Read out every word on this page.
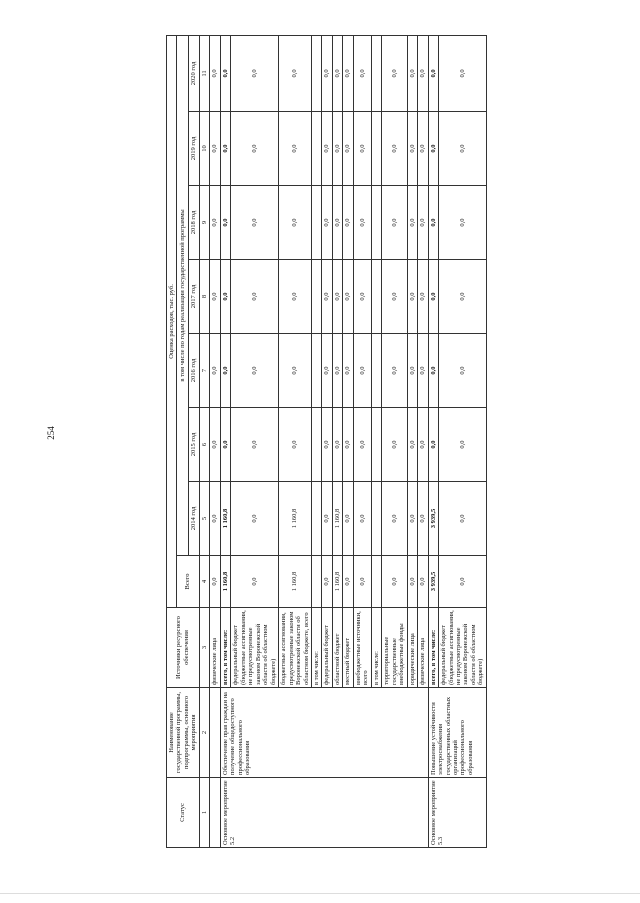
254
Статус	Наименование государственной программы, подпрограммы, основного мероприятия	Источники ресурсного обеспечения	Оценка расходов, тыс. руб.							
			Всего	в том числе по годам реализации государственной программы						
				2014 год	2015 год	2016 год	2017 год	2018 год	2019 год	2020 год
1	2	3	4	5	6	7	8	9	10	11
		физические лица	0,0	0,0	0,0	0,0	0,0	0,0	0,0	0,0
Основное мероприятие 5.2	Обеспечение прав граждан на получение общедоступного профессионального образования	всего, в том числе:	1 160,8	1 160,8	0,0	0,0	0,0	0,0	0,0	0,0
		федеральный бюджет (бюджетные ассигнования, не предусмотренные законом Воронежской области об областном бюджете)	0,0	0,0	0,0	0,0	0,0	0,0	0,0	0,0
		бюджетные ассигнования, предусмотренные законом Воронежской области об областном бюджете, всего	1 160,8	1 160,8	0,0	0,0	0,0	0,0	0,0	0,0
		в том числе:								
		федеральный бюджет	0,0	0,0	0,0	0,0	0,0	0,0	0,0	0,0
		областной бюджет	1 160,8	1 160,8	0,0	0,0	0,0	0,0	0,0	0,0
		местный бюджет	0,0	0,0	0,0	0,0	0,0	0,0	0,0	0,0
		внебюджетные источники, всего	0,0	0,0	0,0	0,0	0,0	0,0	0,0	0,0
		в том числе:								
		территориальные государственные внебюджетные фонды	0,0	0,0	0,0	0,0	0,0	0,0	0,0	0,0
		юридические лица	0,0	0,0	0,0	0,0	0,0	0,0	0,0	0,0
		физические лица	0,0	0,0	0,0	0,0	0,0	0,0	0,0	0,0
Основное мероприятие 5.3	Повышение устойчивости электроснабжения государственных областных организаций профессионального образования	всего, в том числе:	3 939,5	3 939,5	0,0	0,0	0,0	0,0	0,0	0,0
		федеральный бюджет (бюджетные ассигнования, не предусмотренные законом Воронежской области об областном бюджете)	0,0	0,0	0,0	0,0	0,0	0,0	0,0	0,0
